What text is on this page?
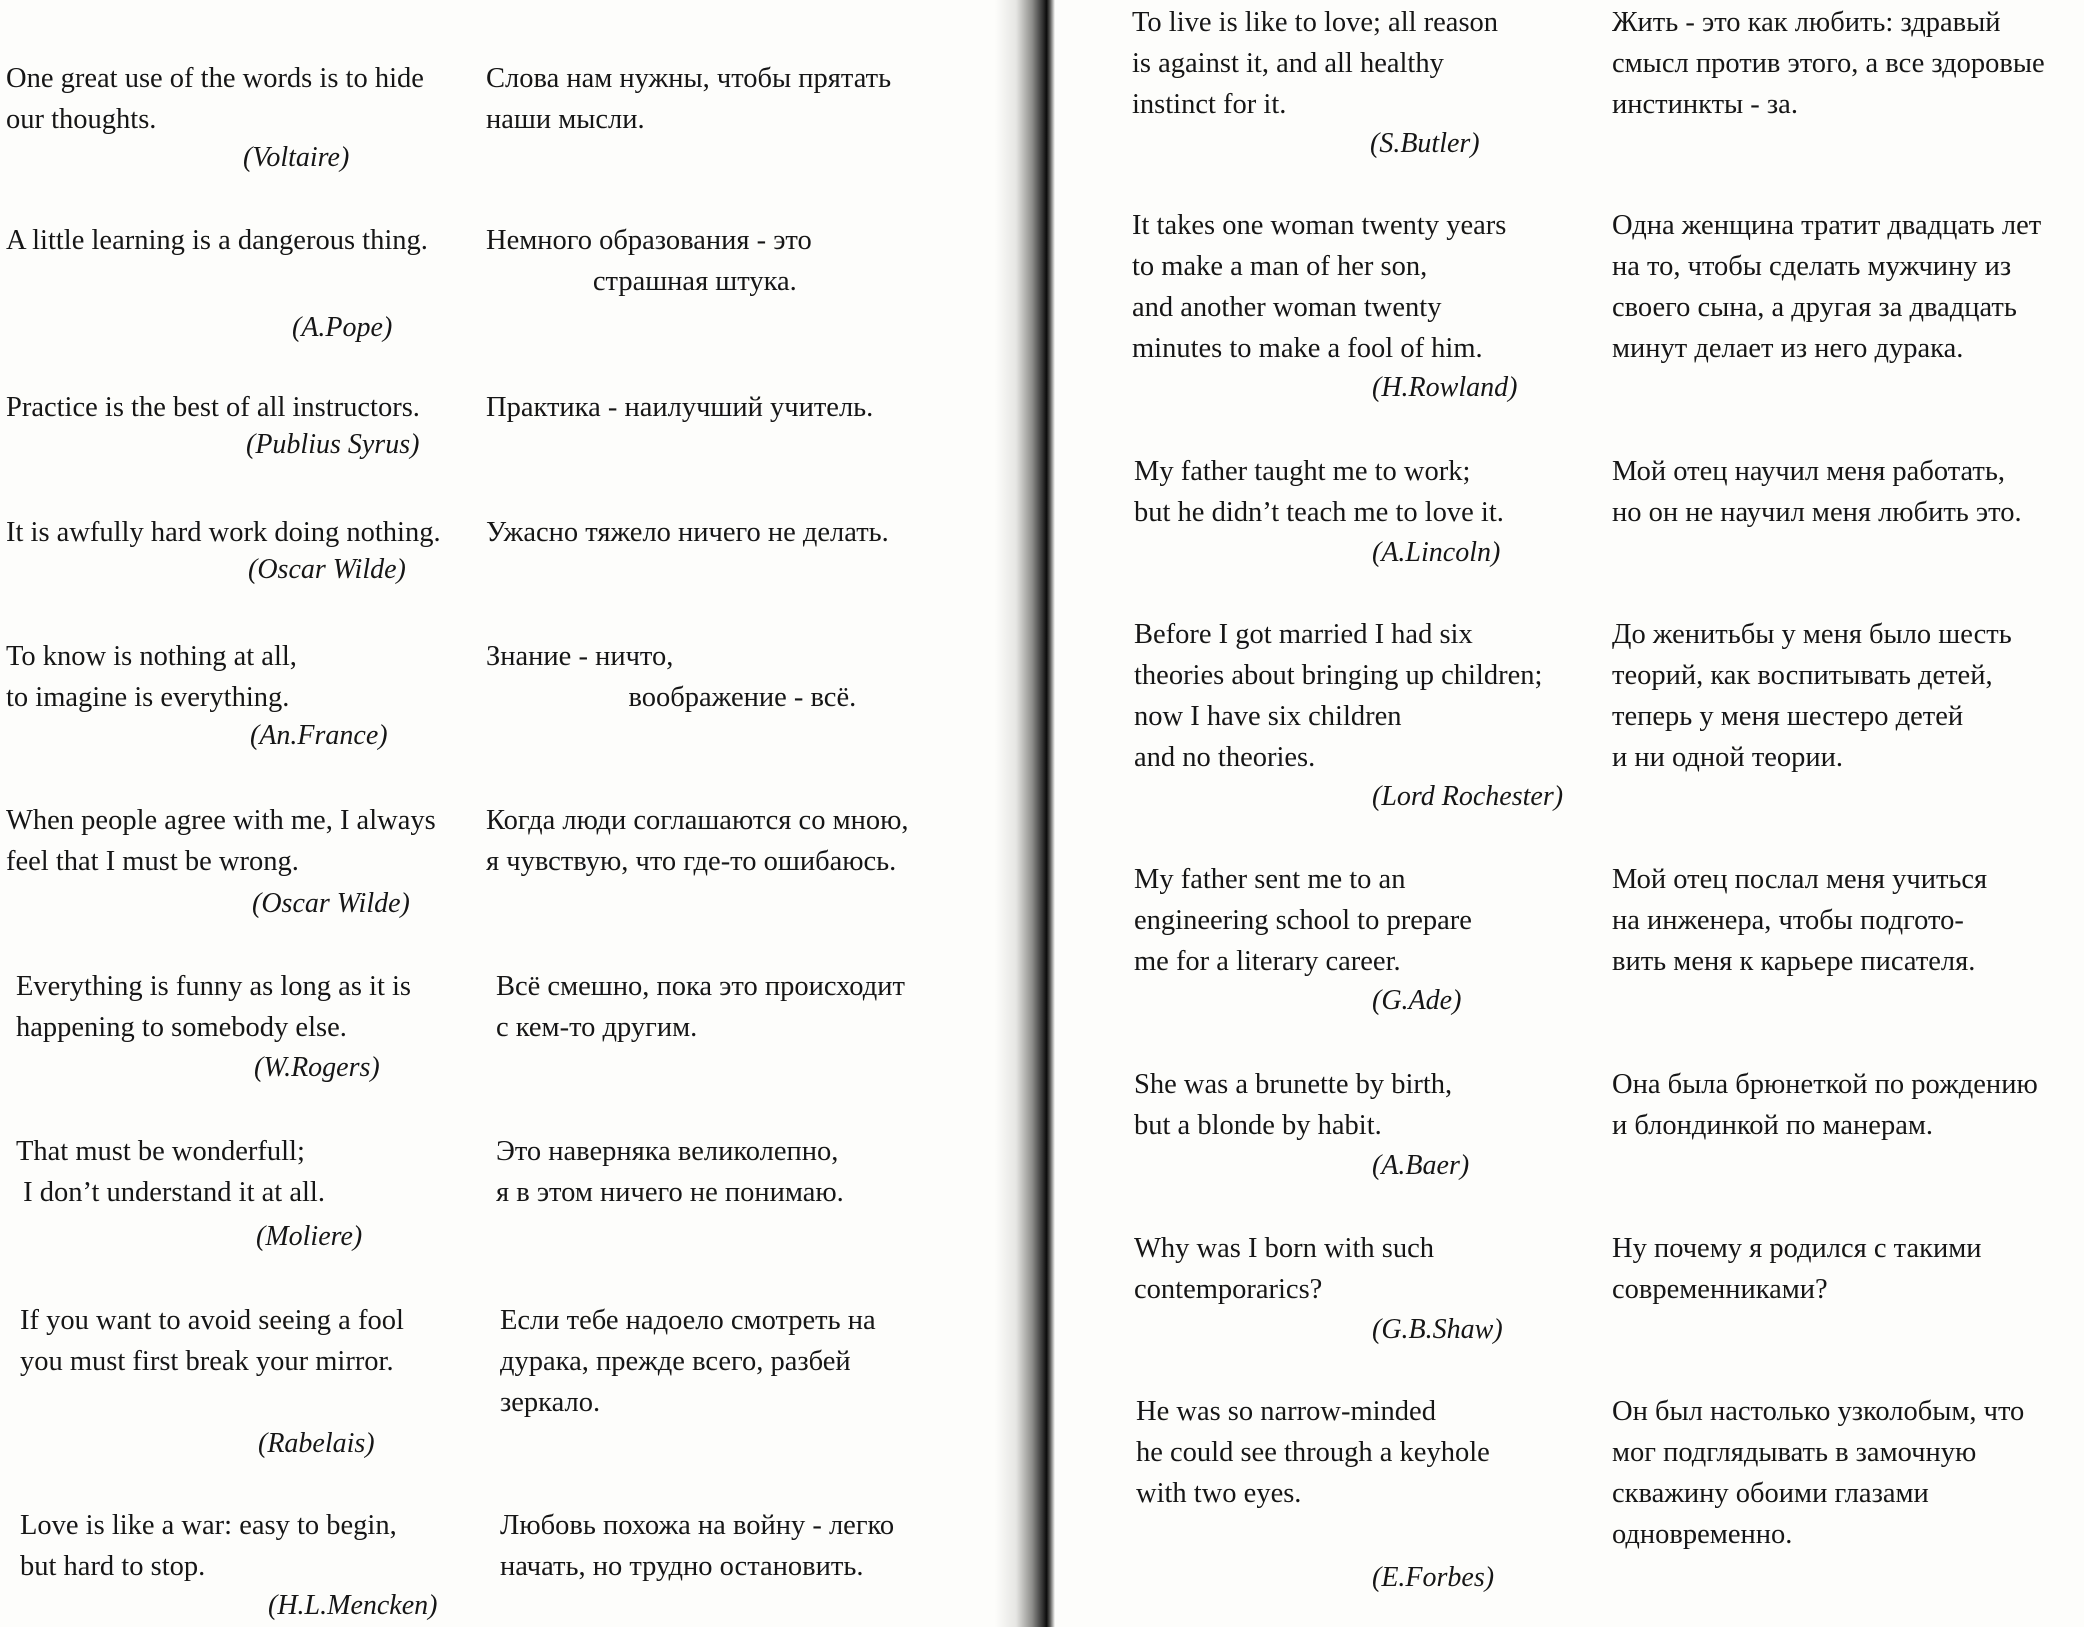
One great use of the words is to hide
our thoughts.

Слова нам нужны, чтобы прятать
наши мысли.

(Voltaire)

A little learning is a dangerous thing. Немного образования - это
страшная штука.

(A.Pope)

Practice is the best of all instructors. Практика - наилучший учитель.

(Publius Syrus)

It is awfully hard work doing nothing. Ужасно тяжело ничего не делать.

(Oscar Wilde)

To know is nothing at all,
to imagine is everything.

Знание - ничто,
воображение - всё.

(An.France)

When people agree with me, I always
feel that I must be wrong.

Когда люди соглашаются со мною,
я чувствую, что где-то ошибаюсь.

(Oscar Wilde)

Everything is funny as long as it is
happening to somebody else.

Всё смешно, пока это происходит
с кем-то другим.

(W.Rogers)

That must be wonderfull;
I don’t understand it at all.

Это наверняка великолепно,
я в этом ничего не понимаю.

(Moliere)

If you want to avoid seeing a fool
you must first break your mirror.

Если тебе надоело смотреть на
дурака, прежде всего, разбей
зеркало.

(Rabelais)

Love is like a war: easy to begin,
but hard to stop.

Любовь похожа на войну - легко
начать, но трудно остановить.

(H.L.Mencken)

To live is like to love; all reason
is against it, and all healthy
instinct for it.

Жить - это как любить: здравый
смысл против этого, а все здоровые
инстинкты - за.

(S.Butler)

It takes one woman twenty years
to make a man of her son,
and another woman twenty
minutes to make a fool of him.

Одна женщина тратит двадцать лет
на то, чтобы сделать мужчину из
своего сына, а другая за двадцать
минут делает из него дурака.

(H.Rowland)

My father taught me to work;
but he didn’t teach me to love it.

Мой отец научил меня работать,
но он не научил меня любить это.

(A.Lincoln)

Before I got married I had six
theories about bringing up children;
now I have six children
and no theories.

До женитьбы у меня было шесть
теорий, как воспитывать детей,
теперь у меня шестеро детей
и ни одной теории.

(Lord Rochester)

My father sent me to an
engineering school to prepare
me for a literary career.

Мой отец послал меня учиться
на инженера, чтобы подгото-
вить меня к карьере писателя.

(G.Ade)

She was a brunette by birth,
but a blonde by habit.

Она была брюнеткой по рождению
и блондинкой по манерам.

(A.Baer)

Why was I born with such
contemporarics?

Ну почему я родился с такими
современниками?

(G.B.Shaw)

He was so narrow-minded
he could see through a keyhole
with two eyes.

Он был настолько узколобым, что
мог подглядывать в замочную
скважину обоими глазами
одновременно.

(E.Forbes)
